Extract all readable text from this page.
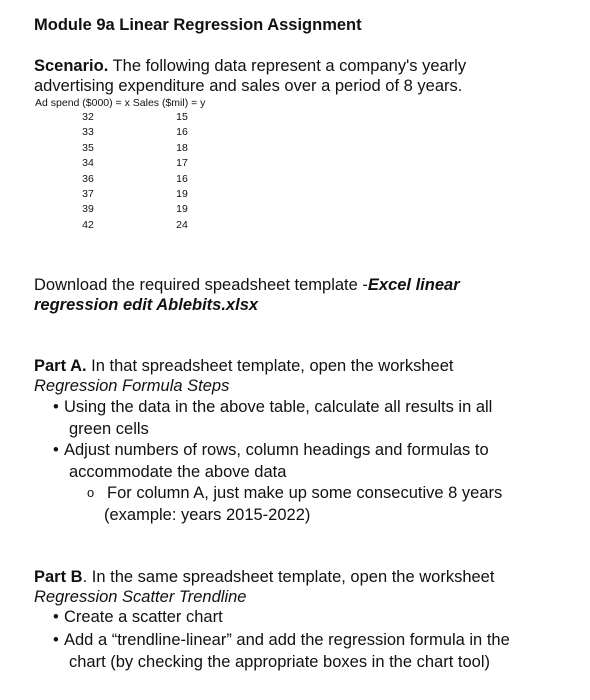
Module 9a Linear Regression Assignment
Scenario. The following data represent a company's yearly
advertising expenditure and sales over a period of 8 years.
Ad spend ($000) = x Sales ($mil) = y
32	15
33	16
35	18
34	17
36	16
37	19
39	19
42	24
Download the required speadsheet template -Excel linear
regression edit Ablebits.xlsx
Part A. In that spreadsheet template, open the worksheet
Regression Formula Steps
• Using the data in the above table, calculate all results in all
green cells
• Adjust numbers of rows, column headings and formulas to
accommodate the above data
o For column A, just make up some consecutive 8 years
(example: years 2015-2022)
Part B. In the same spreadsheet template, open the worksheet
Regression Scatter Trendline
• Create a scatter chart
• Add a “trendline-linear” and add the regression formula in the
chart (by checking the appropriate boxes in the chart tool)
